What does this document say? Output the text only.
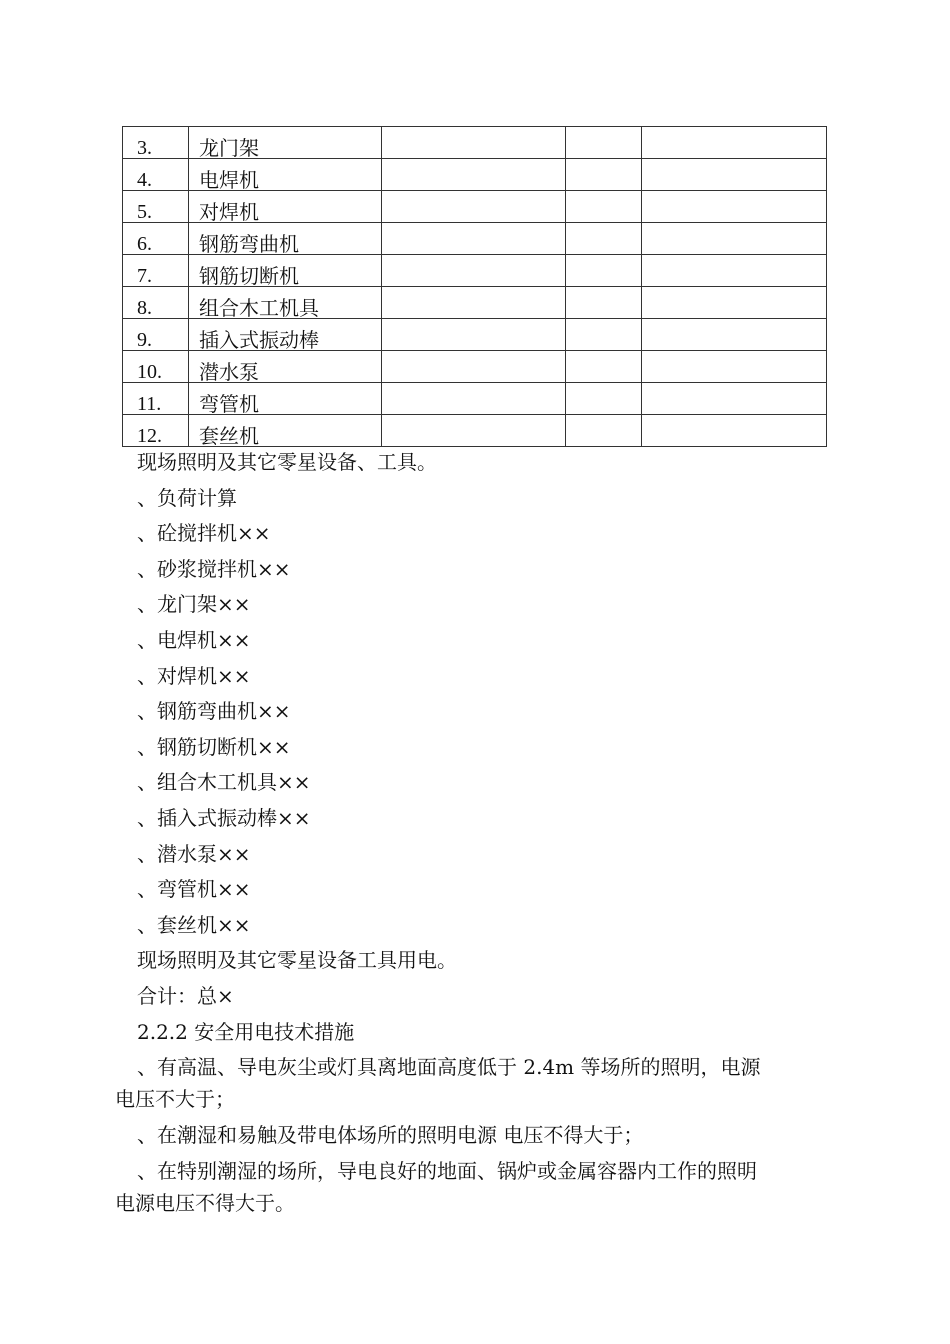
3.	龙门架			
4.	电焊机			
5.	对焊机			
6.	钢筋弯曲机			
7.	钢筋切断机			
8.	组合木工机具			
9.	插入式振动棒			
10.	潜水泵			
11.	弯管机			
12.	套丝机			
现场照明及其它零星设备、工具。
、负荷计算
、砼搅拌机××
、砂浆搅拌机××
、龙门架××
、电焊机××
、对焊机××
、钢筋弯曲机××
、钢筋切断机××
、组合木工机具××
、插入式振动棒××
、潜水泵××
、弯管机××
、套丝机××
现场照明及其它零星设备工具用电。
合计：总×
2.2.2 安全用电技术措施
、有高温、导电灰尘或灯具离地面高度低于 2.4m 等场所的照明，电源
电压不大于；
、在潮湿和易触及带电体场所的照明电源 电压不得大于；
、在特别潮湿的场所，导电良好的地面、锅炉或金属容器内工作的照明
电源电压不得大于。
